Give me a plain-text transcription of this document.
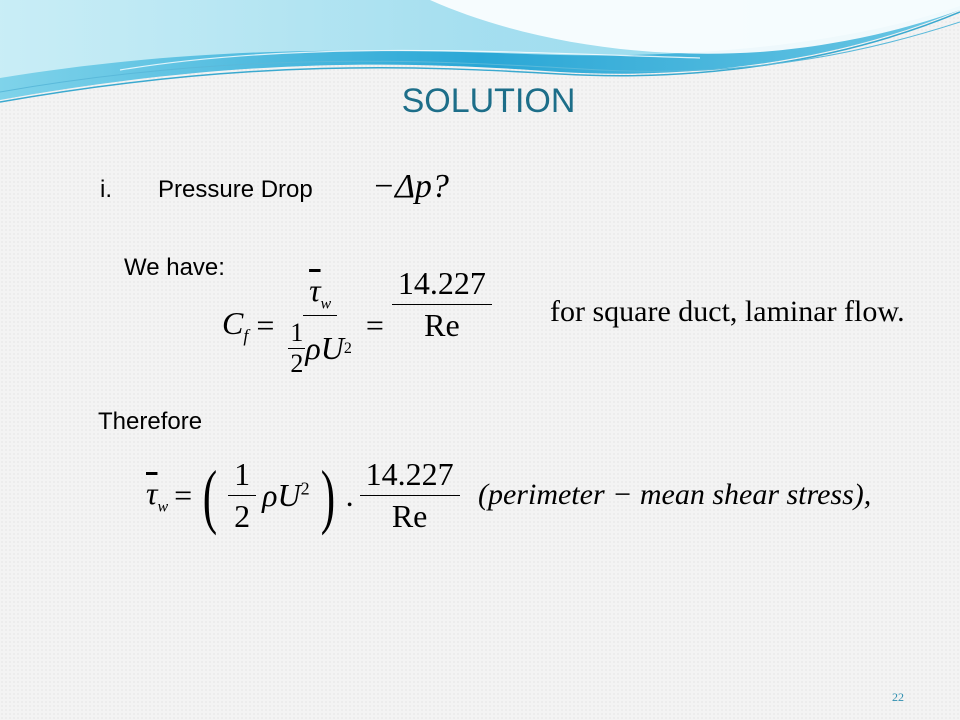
SOLUTION
i. Pressure Drop −Δp?
We have:
$C_f = \frac{\overline{\tau}_w}{\frac{1}{2} \rho U 2} = \frac{14.227}{Re}$ for square duct, laminar flow.
Therefore
$\overline{\tau}_w$ = ( $\frac{1}{2} \rho U^2$ ) . $\frac{14.227}{Re}$ (perimeter − mean shear stress),
22
